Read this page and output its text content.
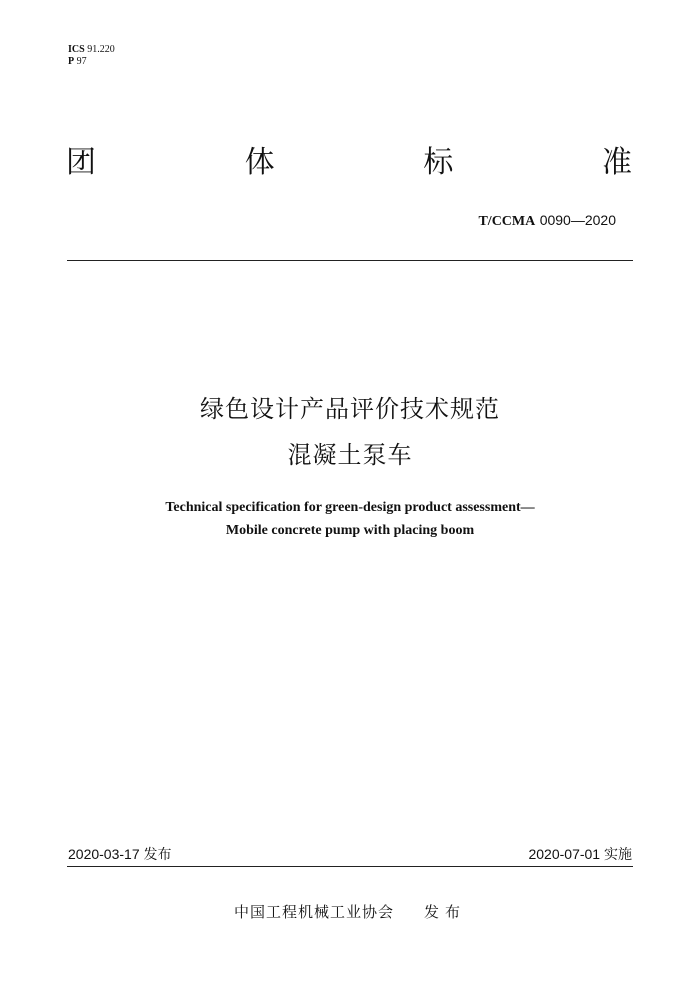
ICS 91.220
P 97
团	体	标	准
T/CCMA 0090—2020
绿色设计产品评价技术规范
混凝土泵车
Technical specification for green-design product assessment—
Mobile concrete pump with placing boom
2020-03-17 发布	2020-07-01 实施
中国工程机械工业协会 发布
